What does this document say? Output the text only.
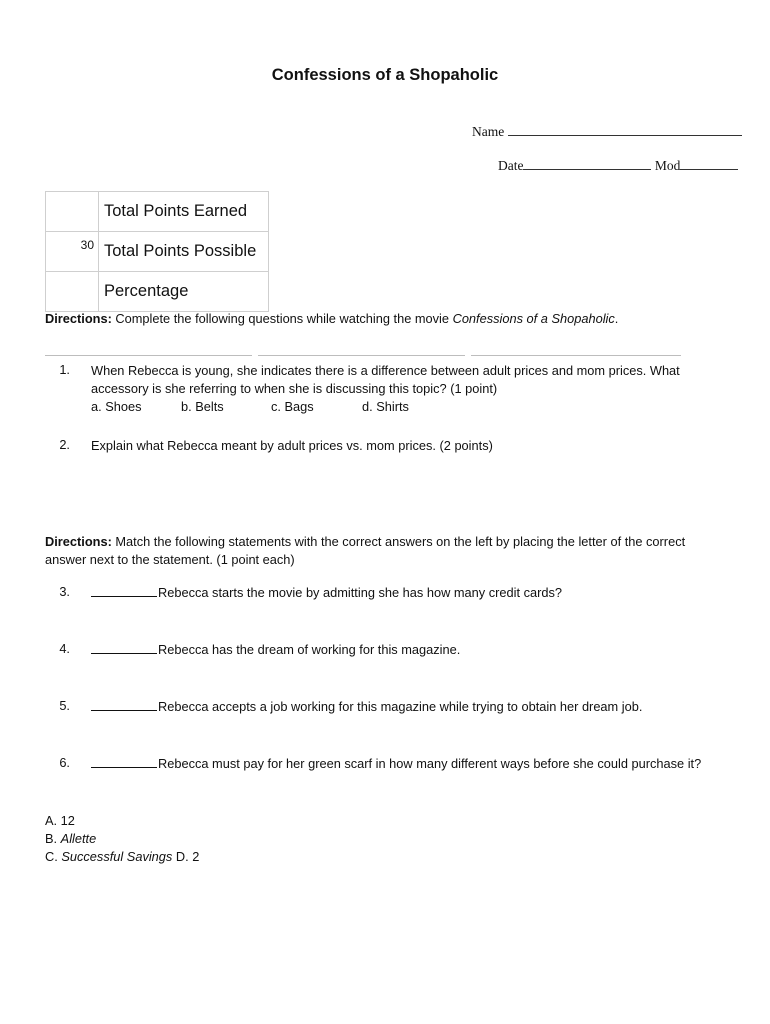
Confessions of a Shopaholic
Name
Date	Mod
	Total Points Earned
30	Total Points Possible
	Percentage
Directions: Complete the following questions while watching the movie Confessions of a Shopaholic.
1. When Rebecca is young, she indicates there is a difference between adult prices and mom prices. What
accessory is she referring to when she is discussing this topic? (1 point)
a. Shoes	b. Belts	c. Bags	d. Shirts
2. Explain what Rebecca meant by adult prices vs. mom prices. (2 points)
Directions: Match the following statements with the correct answers on the left by placing the letter of the correct
answer next to the statement. (1 point each)
3.	Rebecca starts the movie by admitting she has how many credit cards?
4.	Rebecca has the dream of working for this magazine.
5.	Rebecca accepts a job working for this magazine while trying to obtain her dream job.
6.	Rebecca must pay for her green scarf in how many different ways before she could purchase it?
A. 12
B. Allette
C. Successful Savings D. 2
